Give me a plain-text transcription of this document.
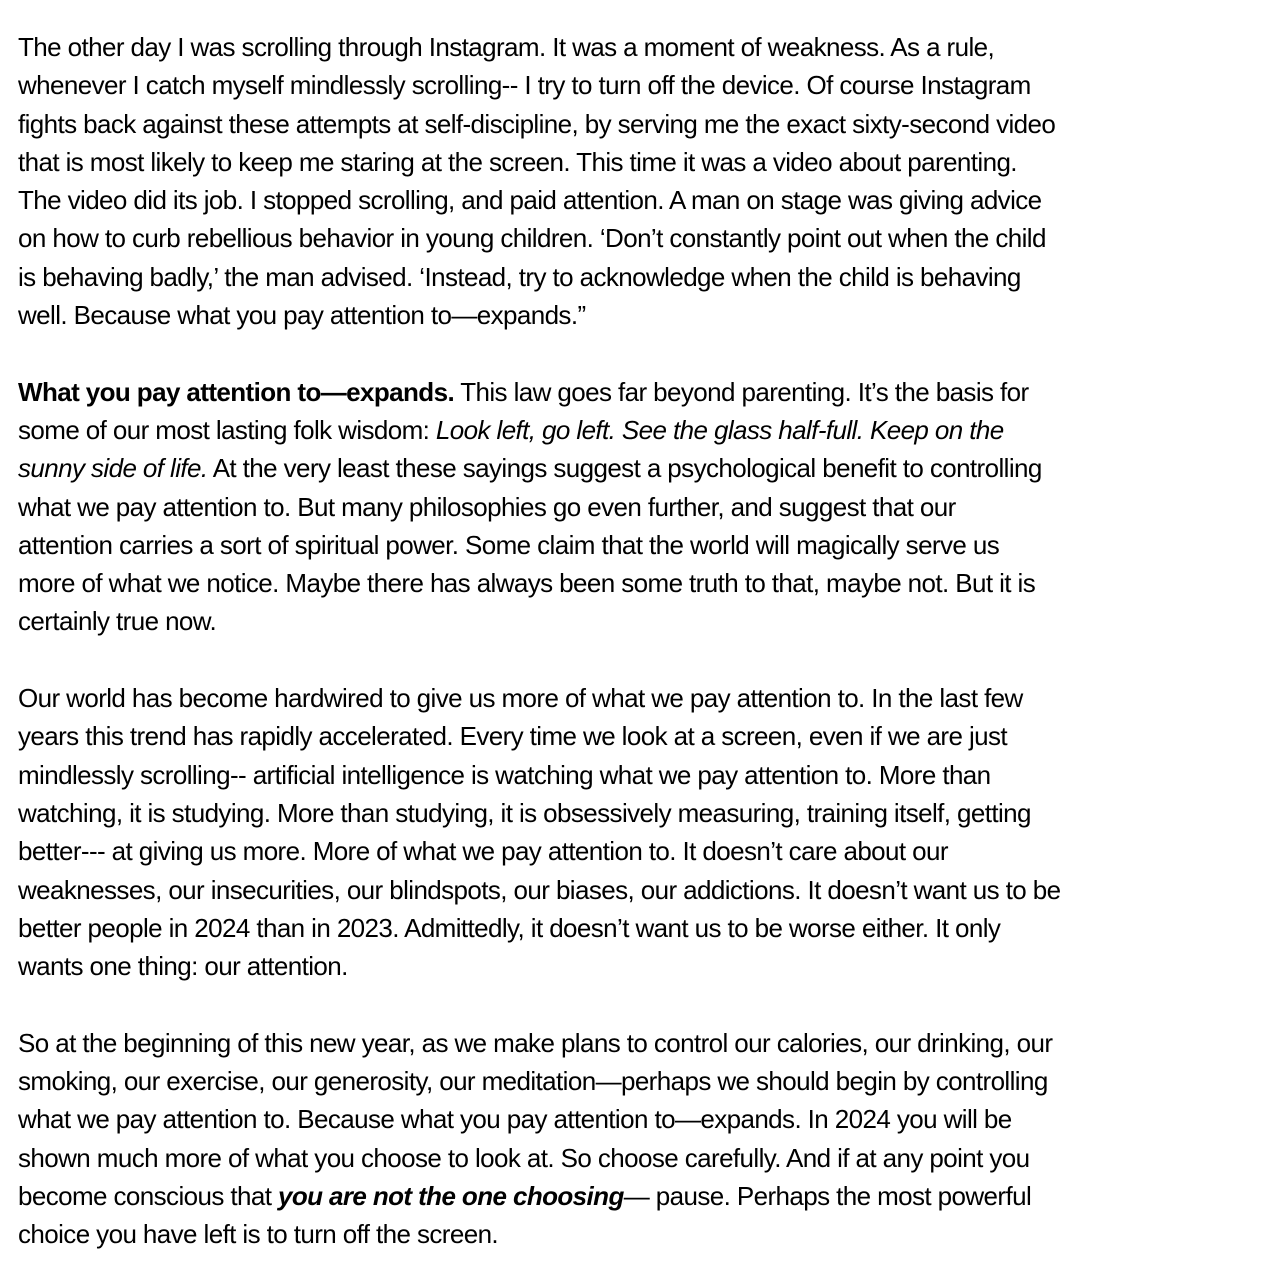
The other day I was scrolling through Instagram. It was a moment of weakness. As a rule,
whenever I catch myself mindlessly scrolling-- I try to turn off the device. Of course Instagram
fights back against these attempts at self-discipline, by serving me the exact sixty-second video
that is most likely to keep me staring at the screen. This time it was a video about parenting.
The video did its job. I stopped scrolling, and paid attention. A man on stage was giving advice
on how to curb rebellious behavior in young children. ‘Don’t constantly point out when the child
is behaving badly,’ the man advised. ‘Instead, try to acknowledge when the child is behaving
well. Because what you pay attention to—expands.”

What you pay attention to—expands. This law goes far beyond parenting. It’s the basis for
some of our most lasting folk wisdom: Look left, go left. See the glass half-full. Keep on the
sunny side of life. At the very least these sayings suggest a psychological benefit to controlling
what we pay attention to. But many philosophies go even further, and suggest that our
attention carries a sort of spiritual power. Some claim that the world will magically serve us
more of what we notice. Maybe there has always been some truth to that, maybe not. But it is
certainly true now.

Our world has become hardwired to give us more of what we pay attention to. In the last few
years this trend has rapidly accelerated. Every time we look at a screen, even if we are just
mindlessly scrolling-- artificial intelligence is watching what we pay attention to. More than
watching, it is studying. More than studying, it is obsessively measuring, training itself, getting
better--- at giving us more. More of what we pay attention to. It doesn’t care about our
weaknesses, our insecurities, our blindspots, our biases, our addictions. It doesn’t want us to be
better people in 2024 than in 2023. Admittedly, it doesn’t want us to be worse either. It only
wants one thing: our attention.

So at the beginning of this new year, as we make plans to control our calories, our drinking, our
smoking, our exercise, our generosity, our meditation—perhaps we should begin by controlling
what we pay attention to. Because what you pay attention to—expands. In 2024 you will be
shown much more of what you choose to look at. So choose carefully. And if at any point you
become conscious that you are not the one choosing— pause. Perhaps the most powerful
choice you have left is to turn off the screen.
